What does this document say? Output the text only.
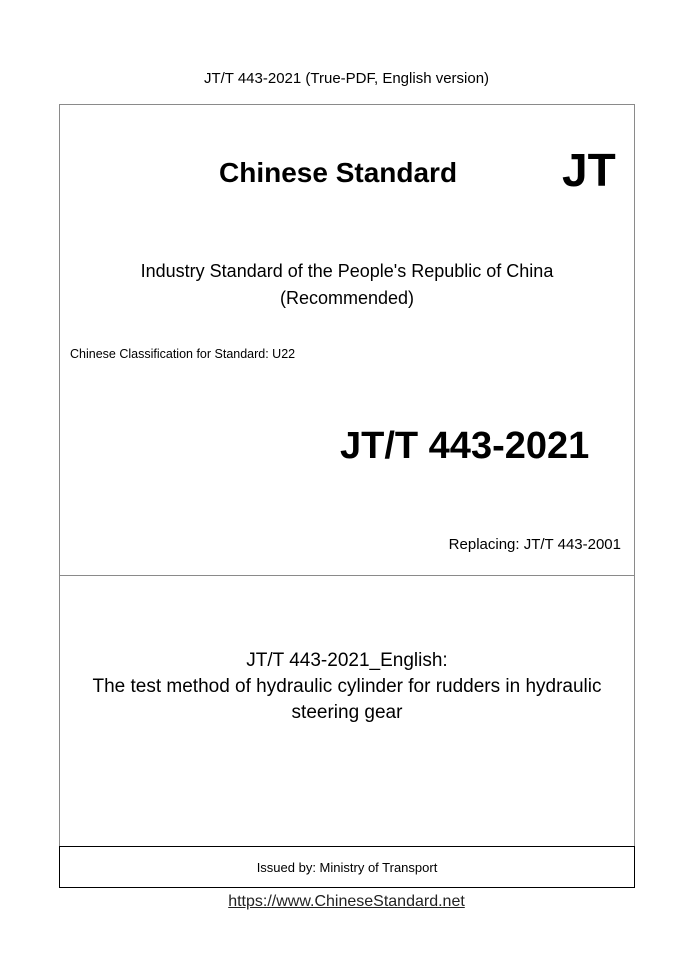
JT/T 443-2021 (True-PDF, English version)
Chinese Standard JT
Industry Standard of the People's Republic of China
(Recommended)
Chinese Classification for Standard: U22
JT/T 443-2021
Replacing: JT/T 443-2001
JT/T 443-2021_English:
The test method of hydraulic cylinder for rudders in hydraulic
steering gear
Issued by: Ministry of Transport
https://www.ChineseStandard.net
